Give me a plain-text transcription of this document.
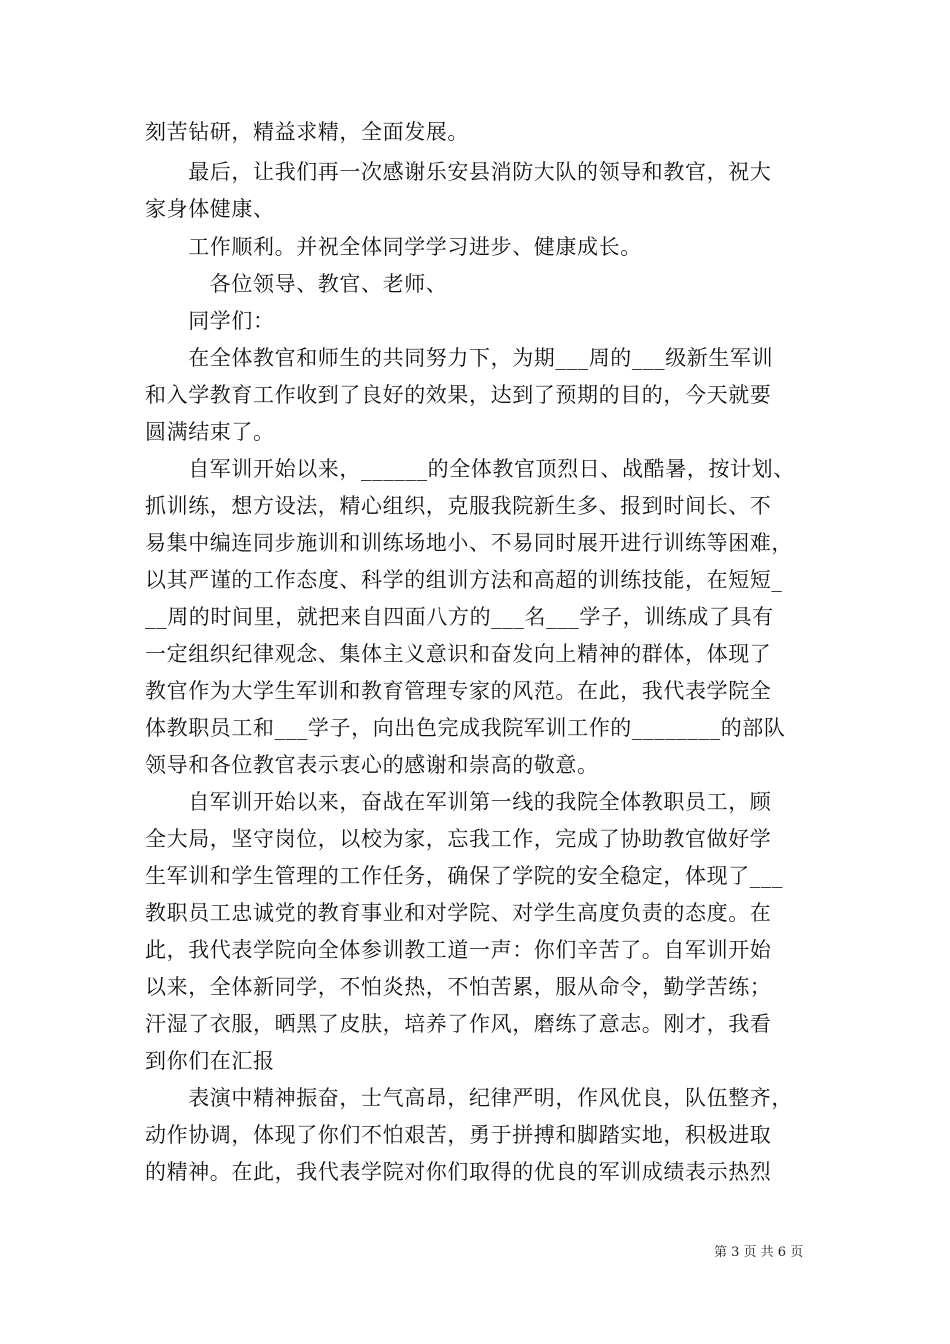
刻苦钻研，精益求精，全面发展。
　　最后，让我们再一次感谢乐安县消防大队的领导和教官，祝大
家身体健康、
　　工作顺利。并祝全体同学学习进步、健康成长。
　　　各位领导、教官、老师、
　　同学们：
　　在全体教官和师生的共同努力下，为期___周的___级新生军训
和入学教育工作收到了良好的效果，达到了预期的目的，今天就要
圆满结束了。
　　自军训开始以来，______的全体教官顶烈日、战酷暑，按计划、
抓训练，想方设法，精心组织，克服我院新生多、报到时间长、不
易集中编连同步施训和训练场地小、不易同时展开进行训练等困难，
以其严谨的工作态度、科学的组训方法和高超的训练技能，在短短_
__周的时间里，就把来自四面八方的___名___学子，训练成了具有
一定组织纪律观念、集体主义意识和奋发向上精神的群体，体现了
教官作为大学生军训和教育管理专家的风范。在此，我代表学院全
体教职员工和___学子，向出色完成我院军训工作的________的部队
领导和各位教官表示衷心的感谢和崇高的敬意。
　　自军训开始以来，奋战在军训第一线的我院全体教职员工，顾
全大局，坚守岗位，以校为家，忘我工作，完成了协助教官做好学
生军训和学生管理的工作任务，确保了学院的安全稳定，体现了___
教职员工忠诚党的教育事业和对学院、对学生高度负责的态度。在
此，我代表学院向全体参训教工道一声：你们辛苦了。自军训开始
以来，全体新同学，不怕炎热，不怕苦累，服从命令，勤学苦练；
汗湿了衣服，晒黑了皮肤，培养了作风，磨练了意志。刚才，我看
到你们在汇报
　　表演中精神振奋，士气高昂，纪律严明，作风优良，队伍整齐，
动作协调，体现了你们不怕艰苦，勇于拼搏和脚踏实地，积极进取
的精神。在此，我代表学院对你们取得的优良的军训成绩表示热烈
第 3 页 共 6 页
